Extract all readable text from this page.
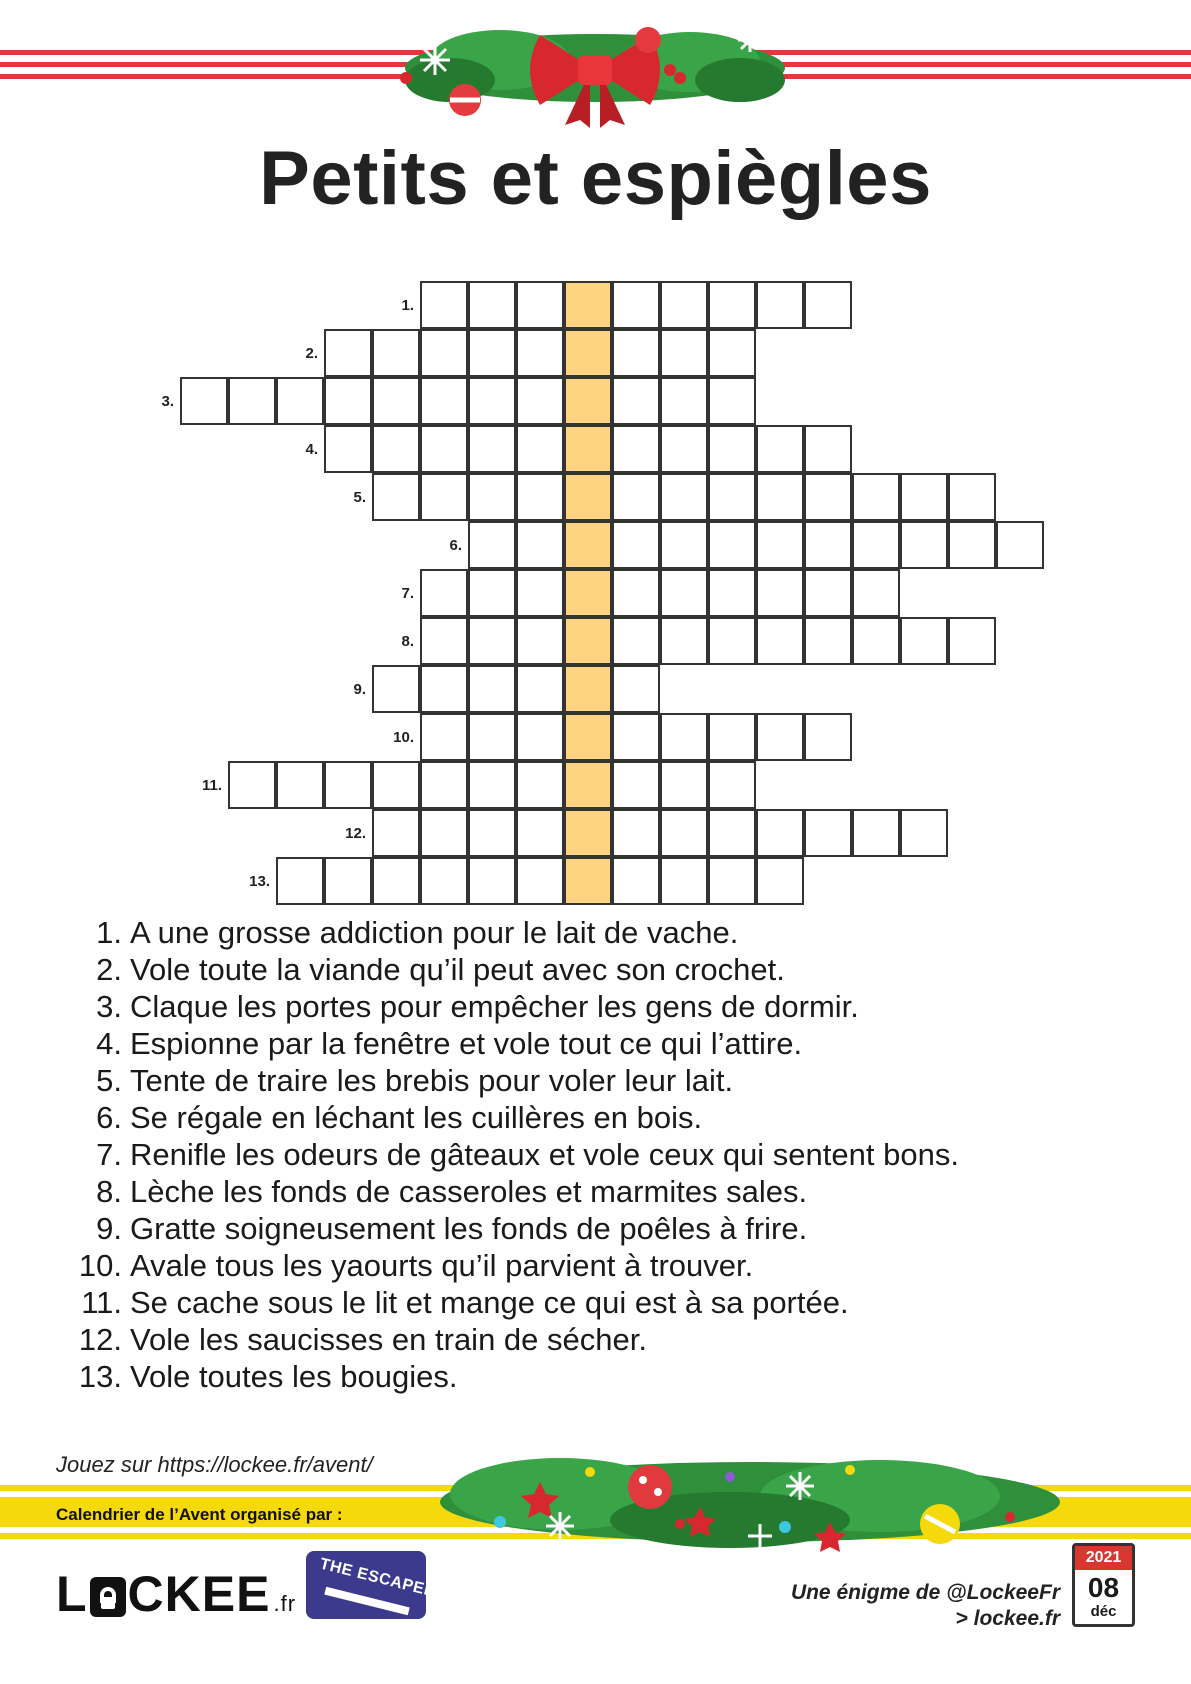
Petits et espiègles
1.
2.
3.
4.
5.
6.
7.
8.
9.
10.
11.
12.
13.
1. A une grosse addiction pour le lait de vache.
2. Vole toute la viande qu’il peut avec son crochet.
3. Claque les portes pour empêcher les gens de dormir.
4. Espionne par la fenêtre et vole tout ce qui l’attire.
5. Tente de traire les brebis pour voler leur lait.
6. Se régale en léchant les cuillères en bois.
7. Renifle les odeurs de gâteaux et vole ceux qui sentent bons.
8. Lèche les fonds de casseroles et marmites sales.
9. Gratte soigneusement les fonds de poêles à frire.
10. Avale tous les yaourts qu’il parvient à trouver.
11. Se cache sous le lit et mange ce qui est à sa portée.
12. Vole les saucisses en train de sécher.
13. Vole toutes les bougies.
Jouez sur https://lockee.fr/avent/
Calendrier de l’Avent organisé par :
L CKEE .fr THE ESCAPERS	Une énigme de @LockeeFr
> lockee.fr
2021
08
déc
